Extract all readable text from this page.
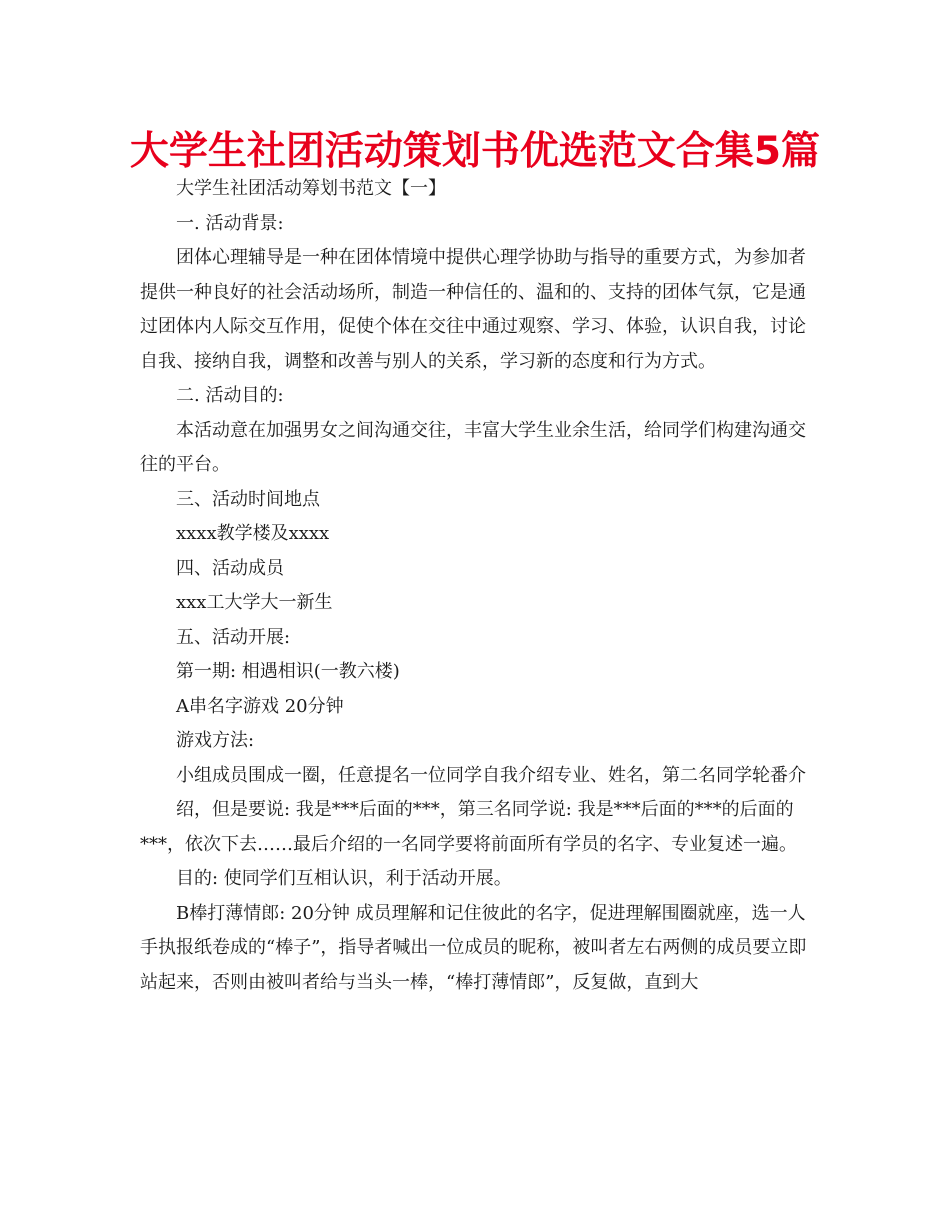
大学生社团活动策划书优选范文合集5篇

大学生社团活动筹划书范文【一】

一. 活动背景:

团体心理辅导是一种在团体情境中提供心理学协助与指导的重要方式，为参加者提供一种良好的社会活动场所，制造一种信任的、温和的、支持的团体气氛，它是通过团体内人际交互作用，促使个体在交往中通过观察、学习、体验，认识自我，讨论自我、接纳自我，调整和改善与别人的关系，学习新的态度和行为方式。

二. 活动目的:

本活动意在加强男女之间沟通交往，丰富大学生业余生活，给同学们构建沟通交往的平台。

三、活动时间地点

xxxx教学楼及xxxx

四、活动成员

xxx工大学大一新生

五、活动开展:

第一期: 相遇相识(一教六楼)

A串名字游戏 20分钟

游戏方法:

小组成员围成一圈，任意提名一位同学自我介绍专业、姓名，第二名同学轮番介

绍，但是要说: 我是***后面的***，第三名同学说: 我是***后面的***的后面的***，依次下去……最后介绍的一名同学要将前面所有学员的名字、专业复述一遍。

目的: 使同学们互相认识，利于活动开展。

B棒打薄情郎: 20分钟 成员理解和记住彼此的名字，促进理解围圈就座，选一人手执报纸卷成的“棒子”，指导者喊出一位成员的昵称，被叫者左右两侧的成员要立即站起来，否则由被叫者给与当头一棒，“棒打薄情郎”，反复做，直到大
